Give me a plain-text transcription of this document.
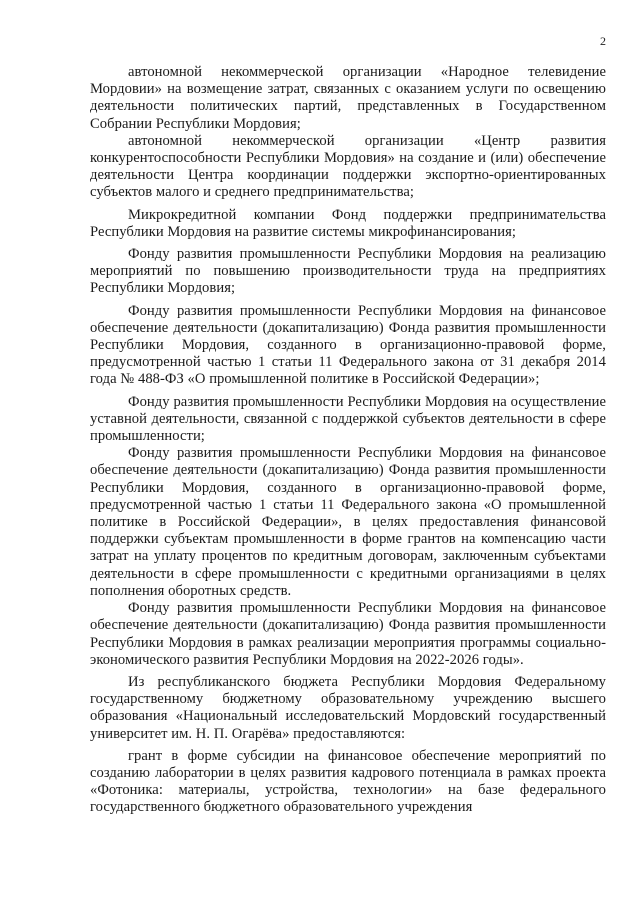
2

автономной некоммерческой организации «Народное телевидение Мордовии» на возмещение затрат, связанных с оказанием услуги по освещению деятельности политических партий, представленных в Государственном Собрании Республики Мордовия;

автономной некоммерческой организации «Центр развития конкурентоспособности Республики Мордовия» на создание и (или) обеспечение деятельности Центра координации поддержки экспортно-ориентированных субъектов малого и среднего предпринимательства;

Микрокредитной компании Фонд поддержки предпринимательства Республики Мордовия на развитие системы микрофинансирования;

Фонду развития промышленности Республики Мордовия на реализацию мероприятий по повышению производительности труда на предприятиях Республики Мордовия;

Фонду развития промышленности Республики Мордовия на финансовое обеспечение деятельности (докапитализацию) Фонда развития промышленности Республики Мордовия, созданного в организационно-правовой форме, предусмотренной частью 1 статьи 11 Федерального закона от 31 декабря 2014 года № 488-ФЗ «О промышленной политике в Российской Федерации»;

Фонду развития промышленности Республики Мордовия на осуществление уставной деятельности, связанной с поддержкой субъектов деятельности в сфере промышленности;

Фонду развития промышленности Республики Мордовия на финансовое обеспечение деятельности (докапитализацию) Фонда развития промышленности Республики Мордовия, созданного в организационно-правовой форме, предусмотренной частью 1 статьи 11 Федерального закона «О промышленной политике в Российской Федерации», в целях предоставления финансовой поддержки субъектам промышленности в форме грантов на компенсацию части затрат на уплату процентов по кредитным договорам, заключенным субъектами деятельности в сфере промышленности с кредитными организациями в целях пополнения оборотных средств.

Фонду развития промышленности Республики Мордовия на финансовое обеспечение деятельности (докапитализацию) Фонда развития промышленности Республики Мордовия в рамках реализации мероприятия программы социально-экономического развития Республики Мордовия на 2022-2026 годы».

Из республиканского бюджета Республики Мордовия Федеральному государственному бюджетному образовательному учреждению высшего образования «Национальный исследовательский Мордовский государственный университет им. Н. П. Огарёва» предоставляются:

грант в форме субсидии на финансовое обеспечение мероприятий по созданию лаборатории в целях развития кадрового потенциала в рамках проекта «Фотоника: материалы, устройства, технологии» на базе федерального государственного бюджетного образовательного учреждения
